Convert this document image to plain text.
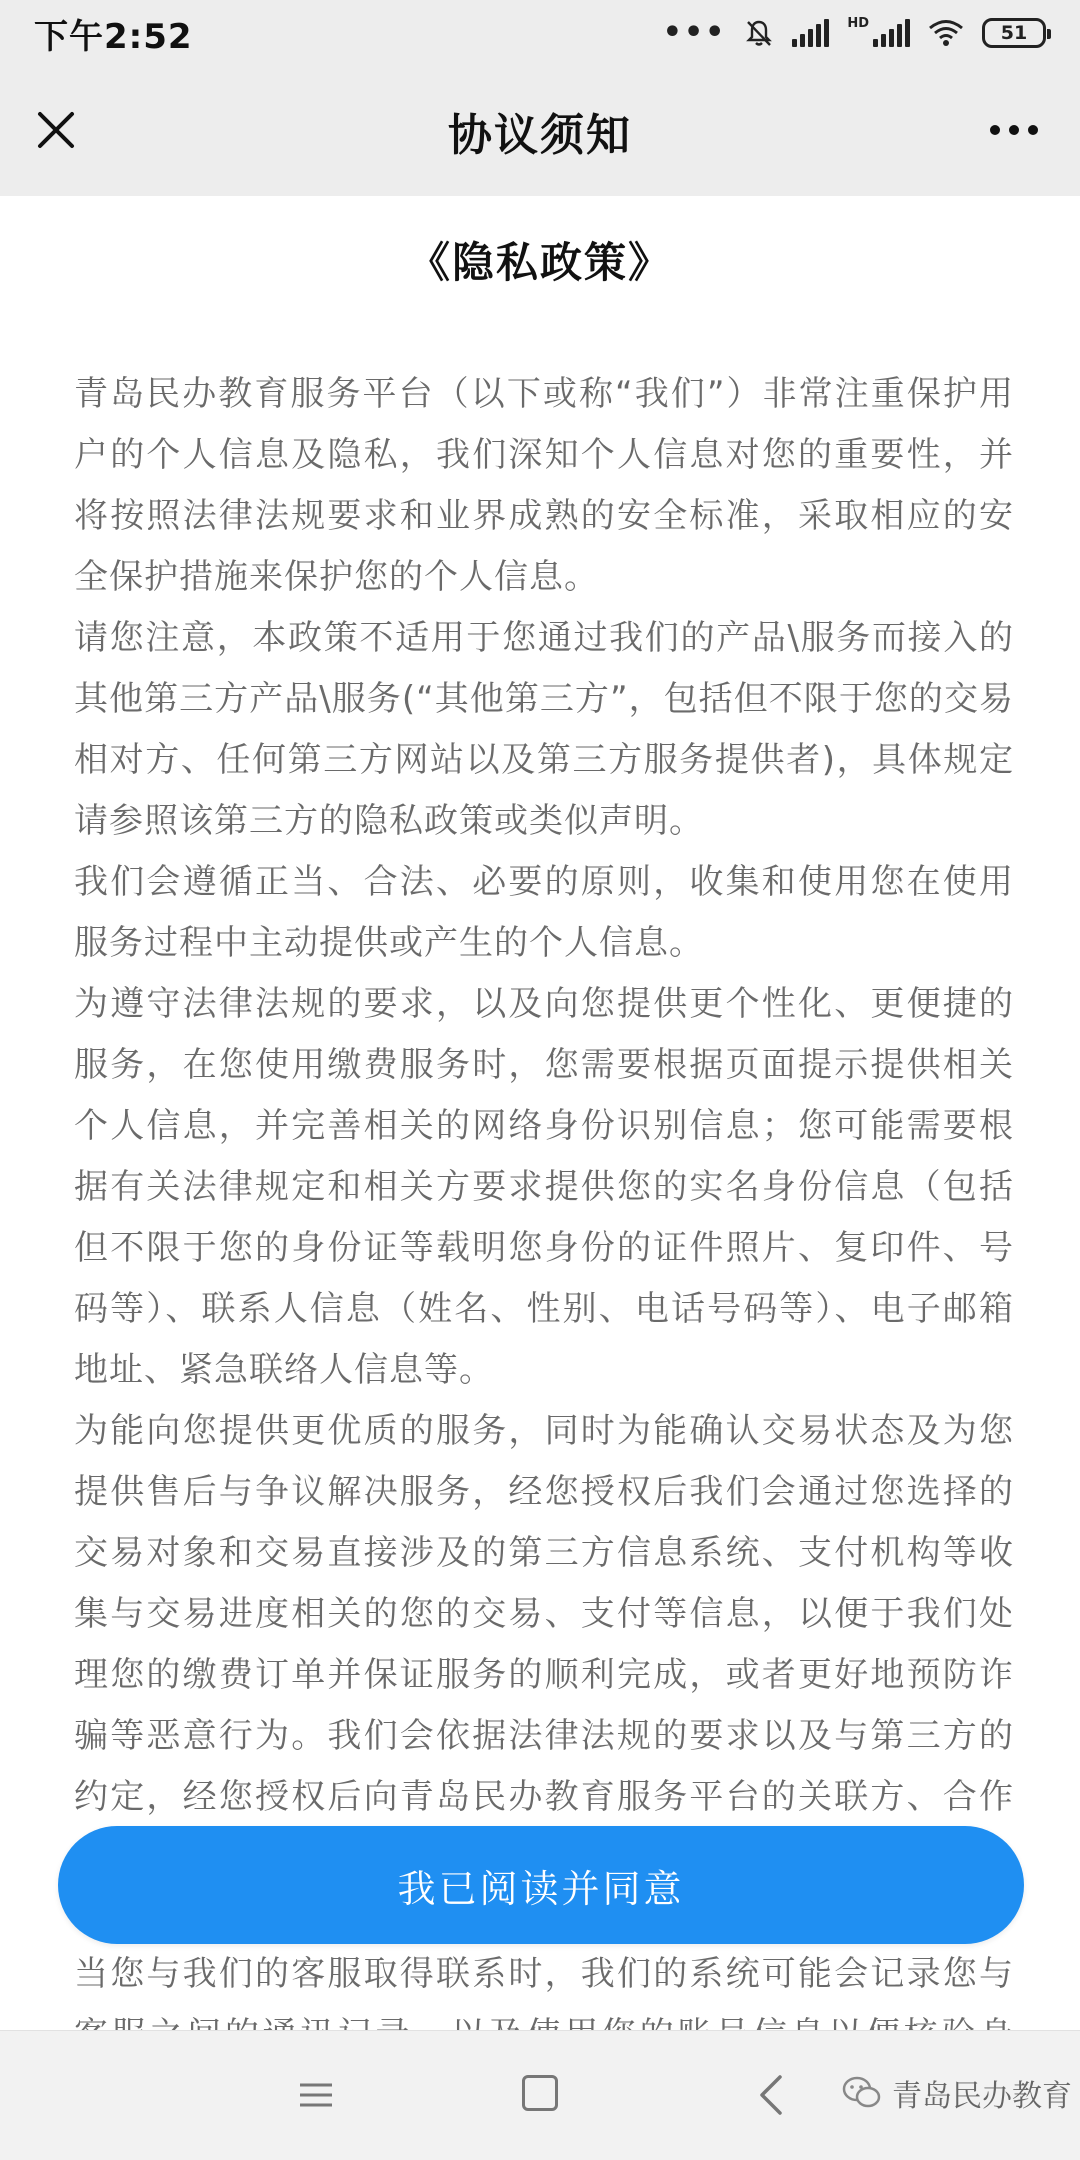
下午2:52	•••	HD	51
协议须知
《隐私政策》

青岛民办教育服务平台（以下或称“我们”）非常注重保护用户的个人信息及隐私，我们深知个人信息对您的重要性，并将按照法律法规要求和业界成熟的安全标准，采取相应的安全保护措施来保护您的个人信息。

请您注意，本政策不适用于您通过我们的产品\服务而接入的其他第三方产品\服务(“其他第三方”，包括但不限于您的交易相对方、任何第三方网站以及第三方服务提供者)，具体规定请参照该第三方的隐私政策或类似声明。

我们会遵循正当、合法、必要的原则，收集和使用您在使用服务过程中主动提供或产生的个人信息。

为遵守法律法规的要求，以及向您提供更个性化、更便捷的服务，在您使用缴费服务时，您需要根据页面提示提供相关个人信息，并完善相关的网络身份识别信息；您可能需要根据有关法律规定和相关方要求提供您的实名身份信息（包括但不限于您的身份证等载明您身份的证件照片、复印件、号码等）、联系人信息（姓名、性别、电话号码等）、电子邮箱地址、紧急联络人信息等。

为能向您提供更优质的服务，同时为能确认交易状态及为您提供售后与争议解决服务，经您授权后我们会通过您选择的交易对象和交易直接涉及的第三方信息系统、支付机构等收集与交易进度相关的您的交易、支付等信息，以便于我们处理您的缴费订单并保证服务的顺利完成，或者更好地预防诈骗等恶意行为。我们会依据法律法规的要求以及与第三方的约定，经您授权后向青岛民办教育服务平台的关联方、合作

当您与我们的客服取得联系时，我们的系统可能会记录您与

我已阅读并同意
青岛民办教育
